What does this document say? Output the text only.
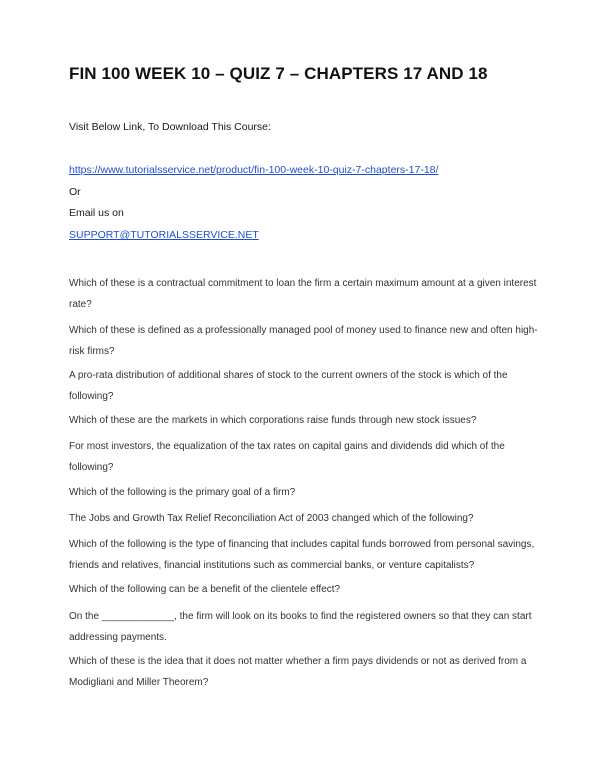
FIN 100 WEEK 10 – QUIZ 7 – CHAPTERS 17 AND 18
Visit Below Link, To Download This Course:
https://www.tutorialsservice.net/product/fin-100-week-10-quiz-7-chapters-17-18/
Or
Email us on
SUPPORT@TUTORIALSSERVICE.NET
Which of these is a contractual commitment to loan the firm a certain maximum amount at a given interest rate?
Which of these is defined as a professionally managed pool of money used to finance new and often high-risk firms?
A pro-rata distribution of additional shares of stock to the current owners of the stock is which of the following?
Which of these are the markets in which corporations raise funds through new stock issues?
For most investors, the equalization of the tax rates on capital gains and dividends did which of the following?
Which of the following is the primary goal of a firm?
The Jobs and Growth Tax Relief Reconciliation Act of 2003 changed which of the following?
Which of the following is the type of financing that includes capital funds borrowed from personal savings, friends and relatives, financial institutions such as commercial banks, or venture capitalists?
Which of the following can be a benefit of the clientele effect?
On the _____________, the firm will look on its books to find the registered owners so that they can start addressing payments.
Which of these is the idea that it does not matter whether a firm pays dividends or not as derived from a Modigliani and Miller Theorem?
